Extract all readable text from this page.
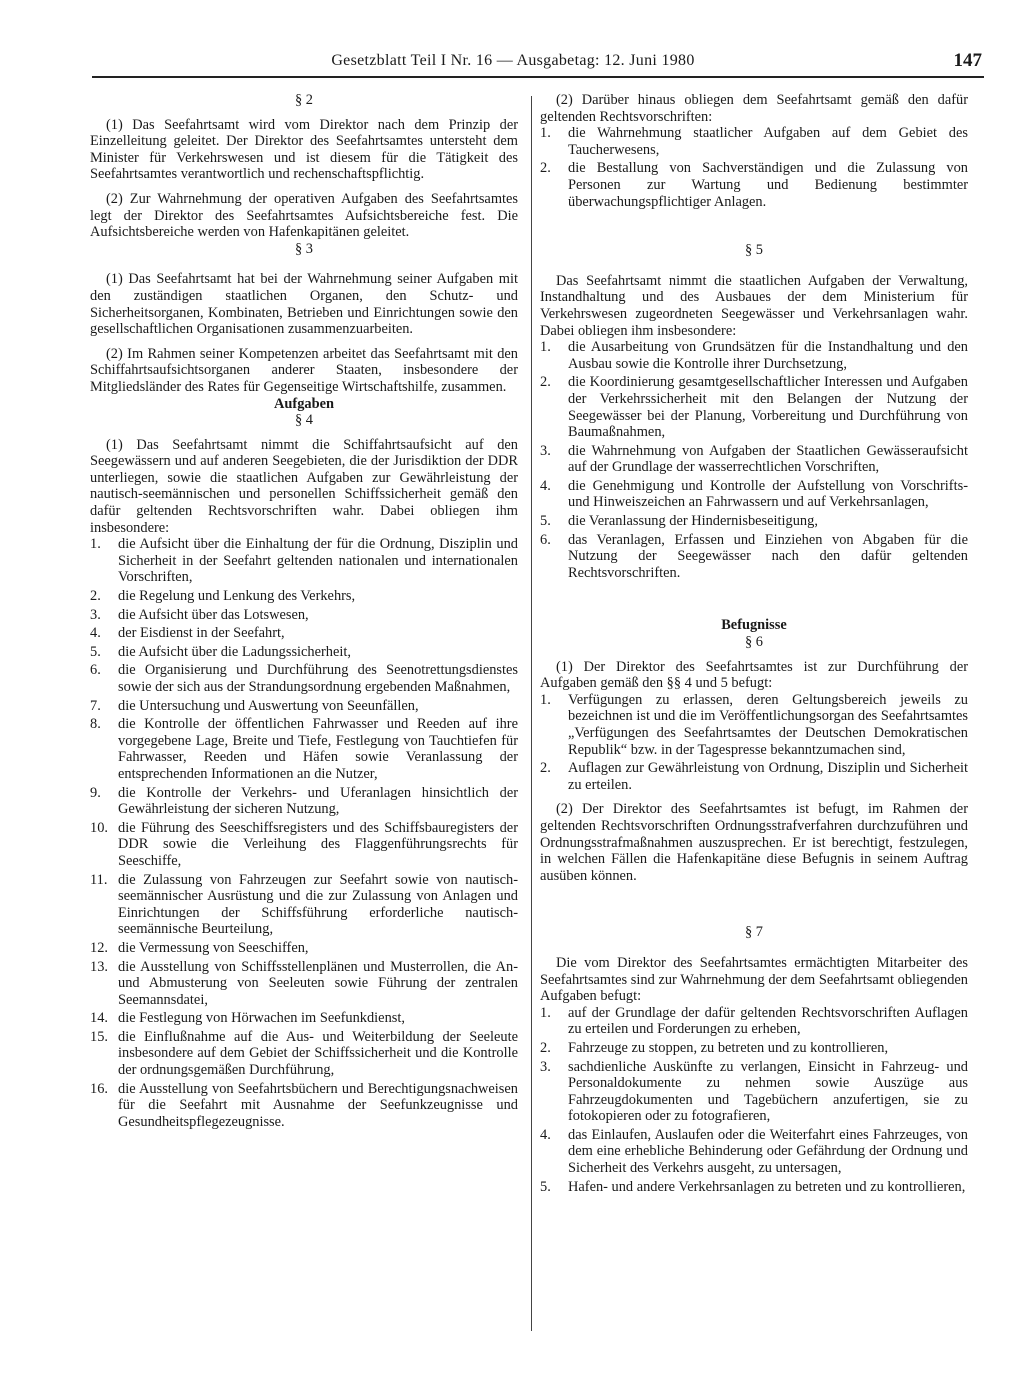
Gesetzblatt Teil I Nr. 16 — Ausgabetag: 12. Juni 1980	147

§ 2

(1) Das Seefahrtsamt wird vom Direktor nach dem Prinzip der Einzelleitung geleitet. Der Direktor des Seefahrtsamtes untersteht dem Minister für Verkehrswesen und ist diesem für die Tätigkeit des Seefahrtsamtes verantwortlich und rechenschaftspflichtig.

(2) Zur Wahrnehmung der operativen Aufgaben des Seefahrtsamtes legt der Direktor des Seefahrtsamtes Aufsichtsbereiche fest. Die Aufsichtsbereiche werden von Hafenkapitänen geleitet.

§ 3

(1) Das Seefahrtsamt hat bei der Wahrnehmung seiner Aufgaben mit den zuständigen staatlichen Organen, den Schutz- und Sicherheitsorganen, Kombinaten, Betrieben und Einrichtungen sowie den gesellschaftlichen Organisationen zusammenzuarbeiten.

(2) Im Rahmen seiner Kompetenzen arbeitet das Seefahrtsamt mit den Schiffahrtsaufsichtsorganen anderer Staaten, insbesondere der Mitgliedsländer des Rates für Gegenseitige Wirtschaftshilfe, zusammen.

Aufgaben

§ 4

(1) Das Seefahrtsamt nimmt die Schiffahrtsaufsicht auf den Seegewässern und auf anderen Seegebieten, die der Jurisdiktion der DDR unterliegen, sowie die staatlichen Aufgaben zur Gewährleistung der nautisch-seemännischen und personellen Schiffssicherheit gemäß den dafür geltenden Rechtsvorschriften wahr. Dabei obliegen ihm insbesondere:

1.	die Aufsicht über die Einhaltung der für die Ordnung, Disziplin und Sicherheit in der Seefahrt geltenden nationalen und internationalen Vorschriften,
2.	die Regelung und Lenkung des Verkehrs,
3.	die Aufsicht über das Lotswesen,
4.	der Eisdienst in der Seefahrt,
5.	die Aufsicht über die Ladungssicherheit,
6.	die Organisierung und Durchführung des Seenotrettungsdienstes sowie der sich aus der Strandungsordnung ergebenden Maßnahmen,
7.	die Untersuchung und Auswertung von Seeunfällen,
8.	die Kontrolle der öffentlichen Fahrwasser und Reeden auf ihre vorgegebene Lage, Breite und Tiefe, Festlegung von Tauchtiefen für Fahrwasser, Reeden und Häfen sowie Veranlassung der entsprechenden Informationen an die Nutzer,
9.	die Kontrolle der Verkehrs- und Uferanlagen hinsichtlich der Gewährleistung der sicheren Nutzung,
10. die Führung des Seeschiffsregisters und des Schiffsbauregisters der DDR sowie die Verleihung des Flaggenführungsrechts für Seeschiffe,
11. die Zulassung von Fahrzeugen zur Seefahrt sowie von nautisch-seemännischer Ausrüstung und die zur Zulassung von Anlagen und Einrichtungen der Schiffsführung erforderliche nautisch-seemännische Beurteilung,
12. die Vermessung von Seeschiffen,
13. die Ausstellung von Schiffsstellenplänen und Musterrollen, die An- und Abmusterung von Seeleuten sowie Führung der zentralen Seemannsdatei,
14. die Festlegung von Hörwachen im Seefunkdienst,
15. die Einflußnahme auf die Aus- und Weiterbildung der Seeleute insbesondere auf dem Gebiet der Schiffssicherheit und die Kontrolle der ordnungsgemäßen Durchführung,
16. die Ausstellung von Seefahrtsbüchern und Berechtigungsnachweisen für die Seefahrt mit Ausnahme der Seefunkzeugnisse und Gesundheitspflegezeugnisse.

(2) Darüber hinaus obliegen dem Seefahrtsamt gemäß den dafür geltenden Rechtsvorschriften:

1.	die Wahrnehmung staatlicher Aufgaben auf dem Gebiet des Taucherwesens,
2.	die Bestallung von Sachverständigen und die Zulassung von Personen zur Wartung und Bedienung bestimmter überwachungspflichtiger Anlagen.

§ 5

Das Seefahrtsamt nimmt die staatlichen Aufgaben der Verwaltung, Instandhaltung und des Ausbaues der dem Ministerium für Verkehrswesen zugeordneten Seegewässer und Verkehrsanlagen wahr. Dabei obliegen ihm insbesondere:

1.	die Ausarbeitung von Grundsätzen für die Instandhaltung und den Ausbau sowie die Kontrolle ihrer Durchsetzung,
2.	die Koordinierung gesamtgesellschaftlicher Interessen und Aufgaben der Verkehrssicherheit mit den Belangen der Nutzung der Seegewässer bei der Planung, Vorbereitung und Durchführung von Baumaßnahmen,
3.	die Wahrnehmung von Aufgaben der Staatlichen Gewässeraufsicht auf der Grundlage der wasserrechtlichen Vorschriften,
4.	die Genehmigung und Kontrolle der Aufstellung von Vorschrifts- und Hinweiszeichen an Fahrwassern und auf Verkehrsanlagen,
5.	die Veranlassung der Hindernisbeseitigung,
6.	das Veranlagen, Erfassen und Einziehen von Abgaben für die Nutzung der Seegewässer nach den dafür geltenden Rechtsvorschriften.

Befugnisse

§ 6

(1) Der Direktor des Seefahrtsamtes ist zur Durchführung der Aufgaben gemäß den §§ 4 und 5 befugt:

1.	Verfügungen zu erlassen, deren Geltungsbereich jeweils zu bezeichnen ist und die im Veröffentlichungsorgan des Seefahrtsamtes „Verfügungen des Seefahrtsamtes der Deutschen Demokratischen Republik“ bzw. in der Tagespresse bekanntzumachen sind,
2.	Auflagen zur Gewährleistung von Ordnung, Disziplin und Sicherheit zu erteilen.

(2) Der Direktor des Seefahrtsamtes ist befugt, im Rahmen der geltenden Rechtsvorschriften Ordnungsstrafverfahren durchzuführen und Ordnungsstrafmaßnahmen auszusprechen. Er ist berechtigt, festzulegen, in welchen Fällen die Hafenkapitäne diese Befugnis in seinem Auftrag ausüben können.

§ 7

Die vom Direktor des Seefahrtsamtes ermächtigten Mitarbeiter des Seefahrtsamtes sind zur Wahrnehmung der dem Seefahrtsamt obliegenden Aufgaben befugt:

1.	auf der Grundlage der dafür geltenden Rechtsvorschriften Auflagen zu erteilen und Forderungen zu erheben,
2.	Fahrzeuge zu stoppen, zu betreten und zu kontrollieren,
3.	sachdienliche Auskünfte zu verlangen, Einsicht in Fahrzeug- und Personaldokumente zu nehmen sowie Auszüge aus Fahrzeugdokumenten und Tagebüchern anzufertigen, sie zu fotokopieren oder zu fotografieren,
4.	das Einlaufen, Auslaufen oder die Weiterfahrt eines Fahrzeuges, von dem eine erhebliche Behinderung oder Gefährdung der Ordnung und Sicherheit des Verkehrs ausgeht, zu untersagen,
5.	Hafen- und andere Verkehrsanlagen zu betreten und zu kontrollieren,
